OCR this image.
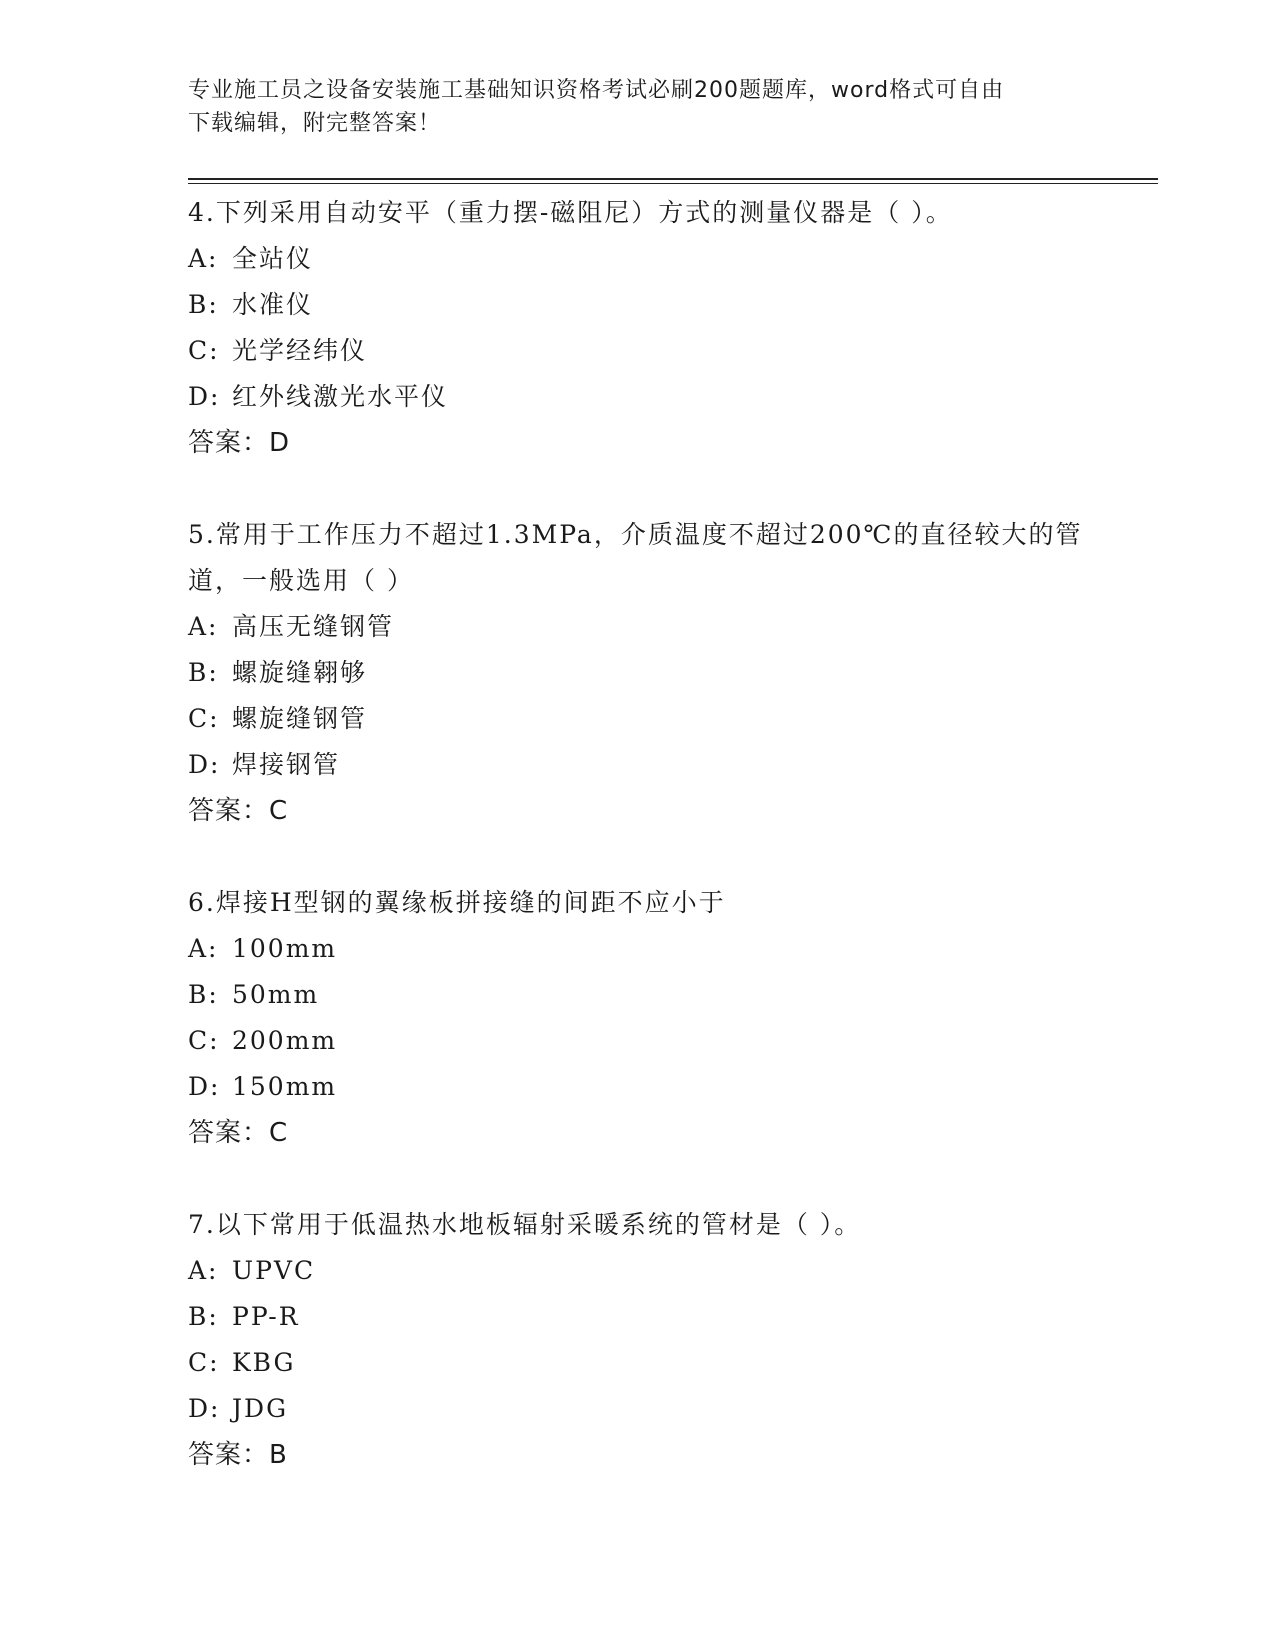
专业施工员之设备安装施工基础知识资格考试必刷200题题库，word格式可自由
下载编辑，附完整答案！
4.下列采用自动安平（重力摆-磁阻尼）方式的测量仪器是（ ）。
A: 全站仪
B: 水准仪
C: 光学经纬仪
D: 红外线激光水平仪
答案：D
5.常用于工作压力不超过1.3MPa，介质温度不超过200℃的直径较大的管道，一般选用（ ）
A: 高压无缝钢管
B: 螺旋缝翱够
C: 螺旋缝钢管
D: 焊接钢管
答案：C
6.焊接H型钢的翼缘板拼接缝的间距不应小于
A: 100mm
B: 50mm
C: 200mm
D: 150mm
答案：C
7.以下常用于低温热水地板辐射采暖系统的管材是（ ）。
A: UPVC
B: PP-R
C: KBG
D: JDG
答案：B
